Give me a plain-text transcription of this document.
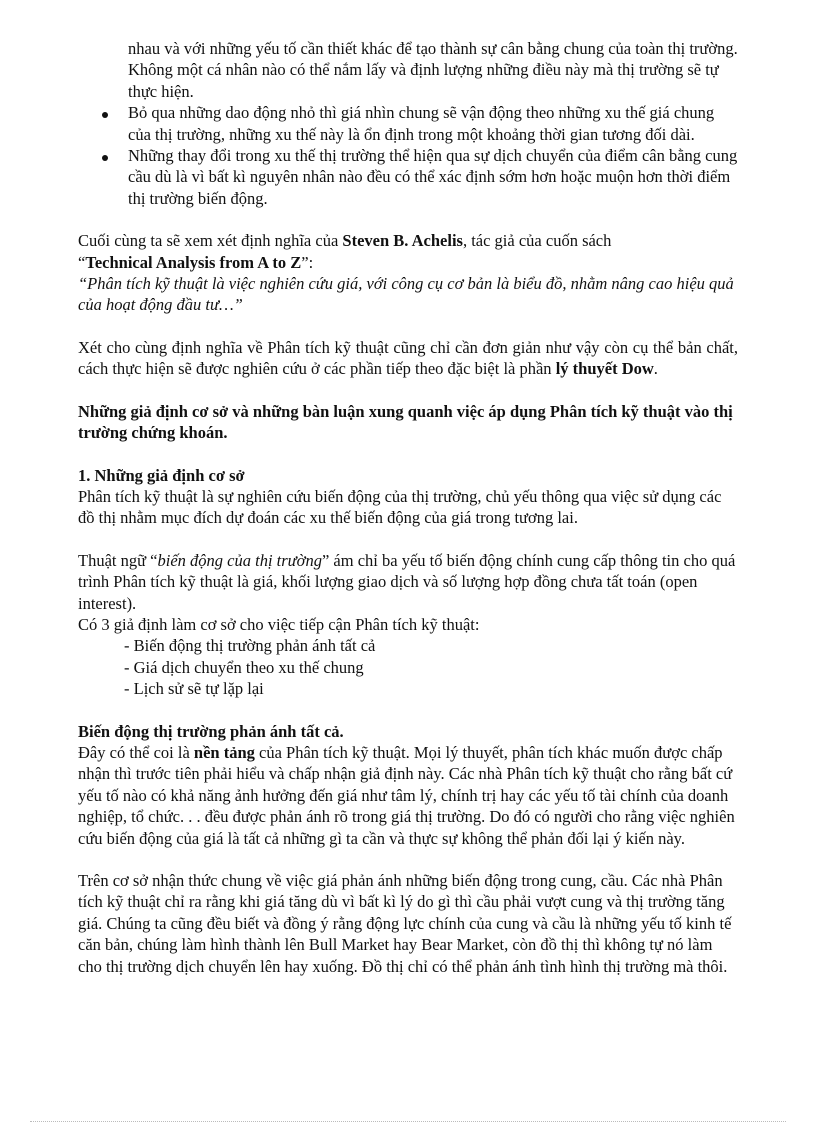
nhau và với những yếu tố cần thiết khác để tạo thành sự cân bằng chung của toàn thị trường. Không một cá nhân nào có thể nắm lấy và định lượng những điều này mà thị trường sẽ tự thực hiện.

Bỏ qua những dao động nhỏ thì giá nhìn chung sẽ vận động theo những xu thế giá chung của thị trường, những xu thế này là ổn định trong một khoảng thời gian tương đối dài.
Những thay đổi trong xu thế thị trường thể hiện qua sự dịch chuyển của điểm cân bằng cung cầu dù là vì bất kì nguyên nhân nào đều có thể xác định sớm hơn hoặc muộn hơn thời điểm thị trường biến động.

Cuối cùng ta sẽ xem xét định nghĩa của Steven B. Achelis, tác giả của cuốn sách
“Technical Analysis from A to Z”:

“Phân tích kỹ thuật là việc nghiên cứu giá, với công cụ cơ bản là biểu đồ, nhằm nâng cao hiệu quả của hoạt động đầu tư…”

Xét cho cùng định nghĩa về Phân tích kỹ thuật cũng chỉ cần đơn giản như vậy còn cụ thể bản chất, cách thực hiện sẽ được nghiên cứu ở các phần tiếp theo đặc biệt là phần lý thuyết Dow.

Những giả định cơ sở và những bàn luận xung quanh việc áp dụng Phân tích kỹ thuật vào thị trường chứng khoán.

1. Những giả định cơ sở

Phân tích kỹ thuật là sự nghiên cứu biến động của thị trường, chủ yếu thông qua việc sử dụng các đồ thị nhằm mục đích dự đoán các xu thế biến động của giá trong tương lai.

Thuật ngữ “biến động của thị trường” ám chỉ ba yếu tố biến động chính cung cấp thông tin cho quá trình Phân tích kỹ thuật là giá, khối lượng giao dịch và số lượng hợp đồng chưa tất toán (open interest).

Có 3 giả định làm cơ sở cho việc tiếp cận Phân tích kỹ thuật:

- Biến động thị trường phản ánh tất cả

- Giá dịch chuyển theo xu thế chung

- Lịch sử sẽ tự lặp lại

Biến động thị trường phản ánh tất cả.

Đây có thể coi là nền tảng của Phân tích kỹ thuật. Mọi lý thuyết, phân tích khác muốn được chấp nhận thì trước tiên phải hiểu và chấp nhận giả định này. Các nhà Phân tích kỹ thuật cho rằng bất cứ yếu tố nào có khả năng ảnh hưởng đến giá như tâm lý, chính trị hay các yếu tố tài chính của doanh nghiệp, tổ chức. . . đều được phản ánh rõ trong giá thị trường. Do đó có người cho rằng việc nghiên cứu biến động của giá là tất cả những gì ta cần và thực sự không thể phản đối lại ý kiến này.

Trên cơ sở nhận thức chung về việc giá phản ánh những biến động trong cung, cầu. Các nhà Phân tích kỹ thuật chỉ ra rằng khi giá tăng dù vì bất kì lý do gì thì cầu phải vượt cung và thị trường tăng giá. Chúng ta cũng đều biết và đồng ý rằng động lực chính của cung và cầu là những yếu tố kinh tế căn bản, chúng làm hình thành lên Bull Market hay Bear Market, còn đồ thị thì không tự nó làm cho thị trường dịch chuyển lên hay xuống. Đồ thị chỉ có thể phản ánh tình hình thị trường mà thôi.
